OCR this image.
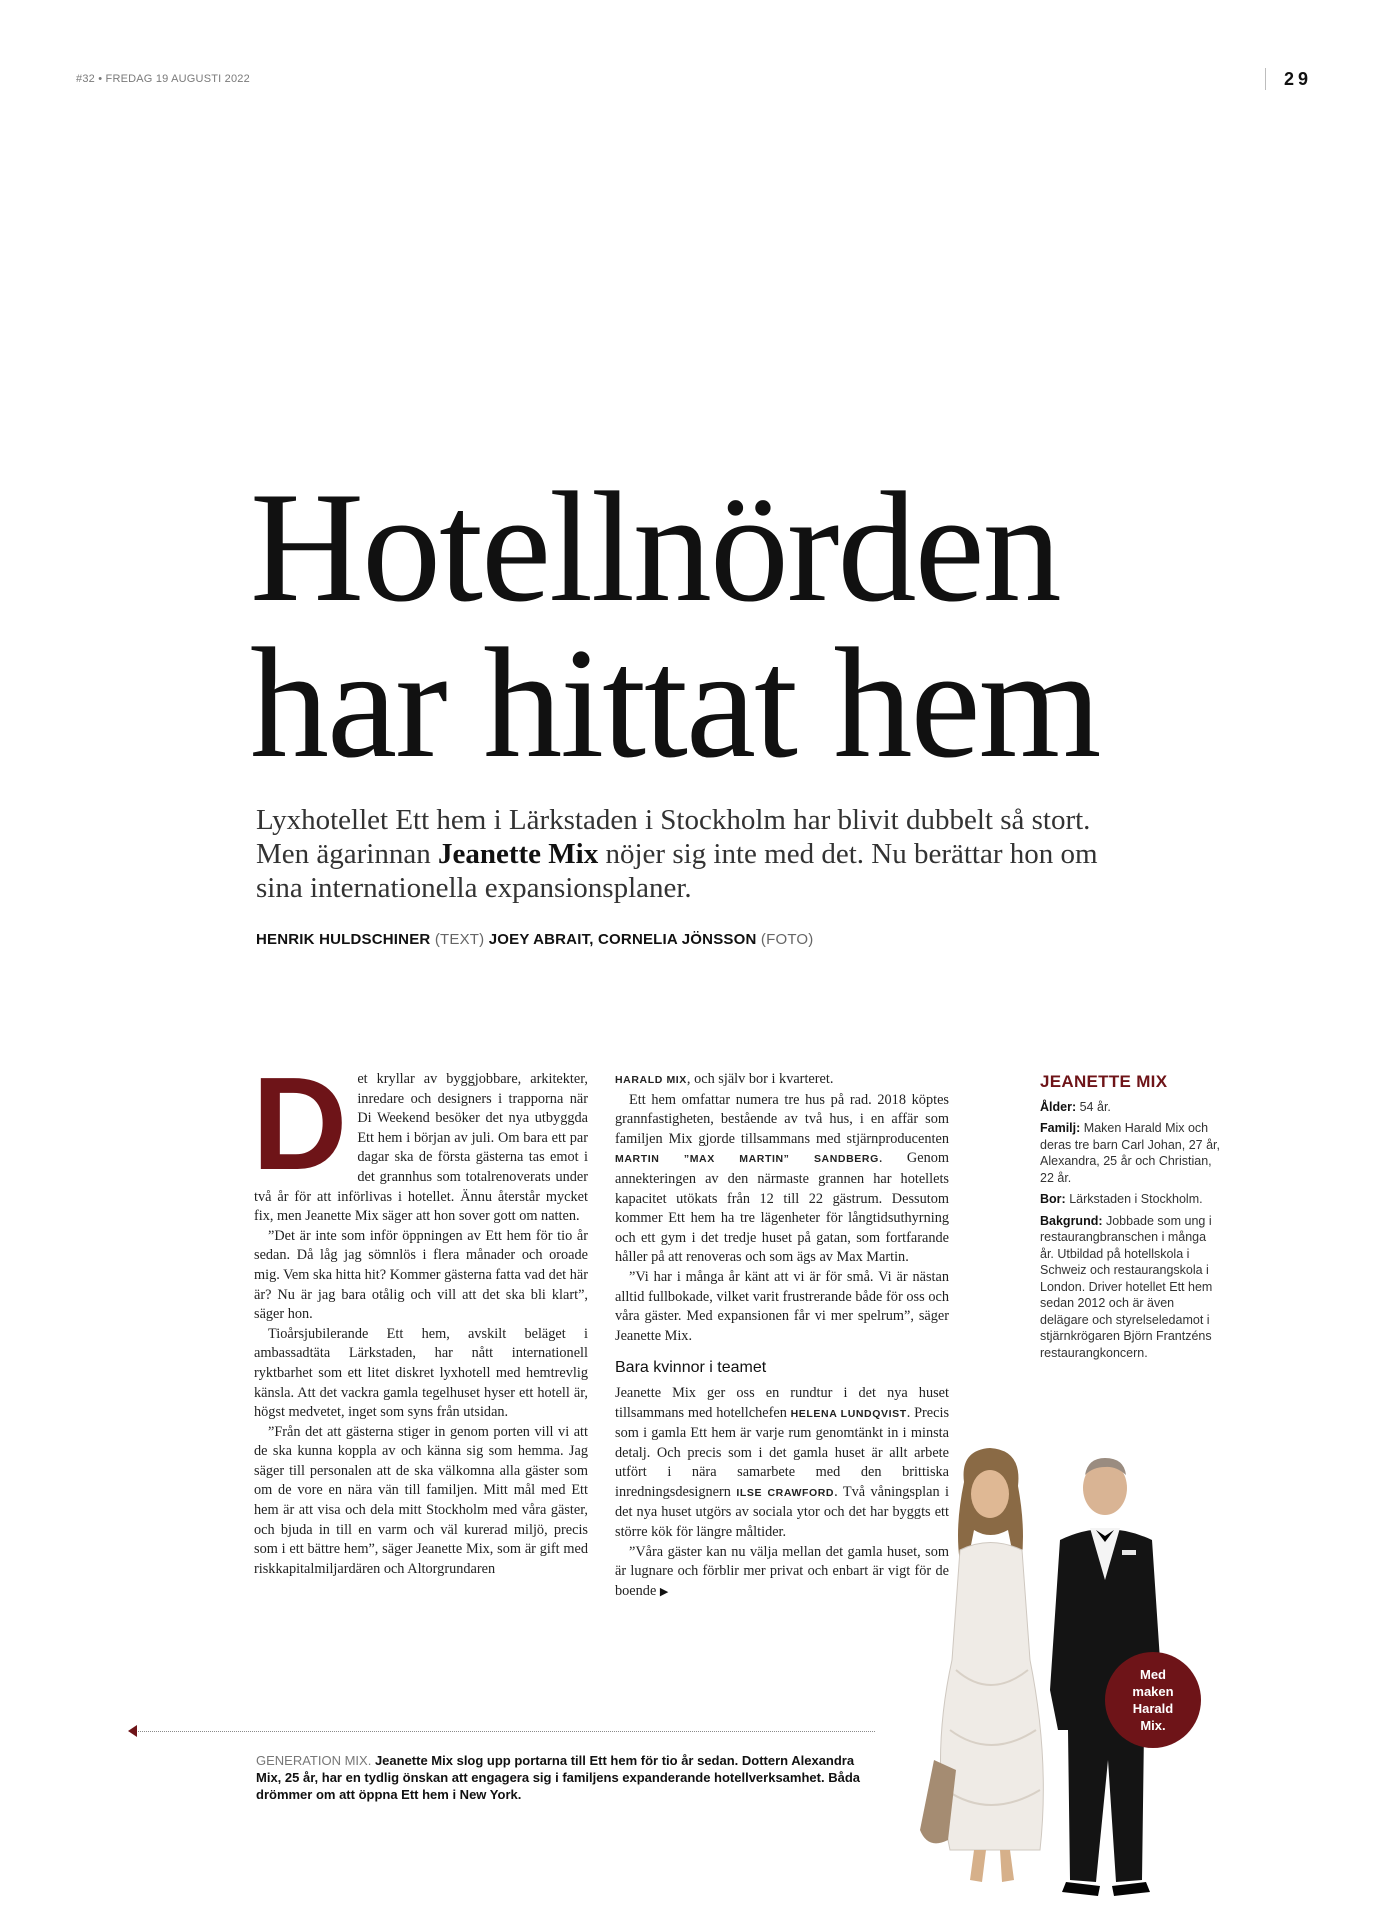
#32• FREDAG 19 AUGUSTI 2022	29
Hotellnörden
har hittat hem
Lyxhotellet Ett hem i Lärkstaden i Stockholm har blivit dubbelt så stort. Men ägarinnan Jeanette Mix nöjer sig inte med det. Nu berättar hon om sina internationella expansionsplaner.
HENRIK HULDSCHINER (TEXT) JOEY ABRAIT, CORNELIA JÖNSSON (FOTO)
D et kryllar av byggjobbare, arkitekter, inredare och designers i trapporna när Di Weekend besöker det nya utbyggda Ett hem i början av juli. Om bara ett par dagar ska de första gästerna tas emot i det grannhus som totalrenoverats under två år för att införlivas i hotellet. Ännu återstår mycket fix, men Jeanette Mix säger att hon sover gott om natten.

”Det är inte som inför öppningen av Ett hem för tio år sedan. Då låg jag sömnlös i flera månader och oroade mig. Vem ska hitta hit? Kommer gästerna fatta vad det här är? Nu är jag bara otålig och vill att det ska bli klart”, säger hon.

Tioårsjubilerande Ett hem, avskilt beläget i ambassadtäta Lärkstaden, har nått internationell ryktbarhet som ett litet diskret lyxhotell med hemtrevlig känsla. Att det vackra gamla tegelhuset hyser ett hotell är, högst medvetet, inget som syns från utsidan.

”Från det att gästerna stiger in genom porten vill vi att de ska kunna koppla av och känna sig som hemma. Jag säger till personalen att de ska välkomna alla gäster som om de vore en nära vän till familjen. Mitt mål med Ett hem är att visa och dela mitt Stockholm med våra gäster, och bjuda in till en varm och väl kurerad miljö, precis som i ett bättre hem”, säger Jeanette Mix, som är gift med riskkapitalmiljardären och Altorgrundaren

HARALD MIX, och själv bor i kvarteret.

Ett hem omfattar numera tre hus på rad. 2018 köptes grannfastigheten, bestående av två hus, i en affär som familjen Mix gjorde tillsammans med stjärnproducenten MARTIN ”MAX MARTIN” SANDBERG. Genom annekteringen av den närmaste grannen har hotellets kapacitet utökats från 12 till 22 gästrum. Dessutom kommer Ett hem ha tre lägenheter för långtidsuthyrning och ett gym i det tredje huset på gatan, som fortfarande håller på att renoveras och som ägs av Max Martin.

”Vi har i många år känt att vi är för små. Vi är nästan alltid fullbokade, vilket varit frustrerande både för oss och våra gäster. Med expansionen får vi mer spelrum”, säger Jeanette Mix.

Bara kvinnor i teamet

Jeanette Mix ger oss en rundtur i det nya huset tillsammans med hotellchefen HELENA LUNDQVIST. Precis som i gamla Ett hem är varje rum genomtänkt in i minsta detalj. Och precis som i det gamla huset är allt arbete utfört i nära samarbete med den brittiska inredningsdesignern ILSE CRAWFORD. Två våningsplan i det nya huset utgörs av sociala ytor och det har byggts ett större kök för längre måltider.

”Våra gäster kan nu välja mellan det gamla huset, som är lugnare och förblir mer privat och enbart är vigt för de boende ▶

JEANETTE MIX

Ålder: 54 år.

Familj: Maken Harald Mix och deras tre barn Carl Johan, 27 år, Alexandra, 25 år och Christian, 22 år.

Bor: Lärkstaden i Stockholm.

Bakgrund: Jobbade som ung i restaurangbranschen i många år. Utbildad på hotellskola i Schweiz och restaurangskola i London. Driver hotellet Ett hem sedan 2012 och är även delägare och styrelseledamot i stjärnkrögaren Björn Frantzéns restaurangkoncern.

Med
maken
Harald
Mix.
GENERATION MIX. Jeanette Mix slog upp portarna till Ett hem för tio år sedan. Dottern Alexandra Mix, 25 år, har en tydlig önskan att engagera sig i familjens expanderande hotellverksamhet. Båda drömmer om att öppna Ett hem i New York.
